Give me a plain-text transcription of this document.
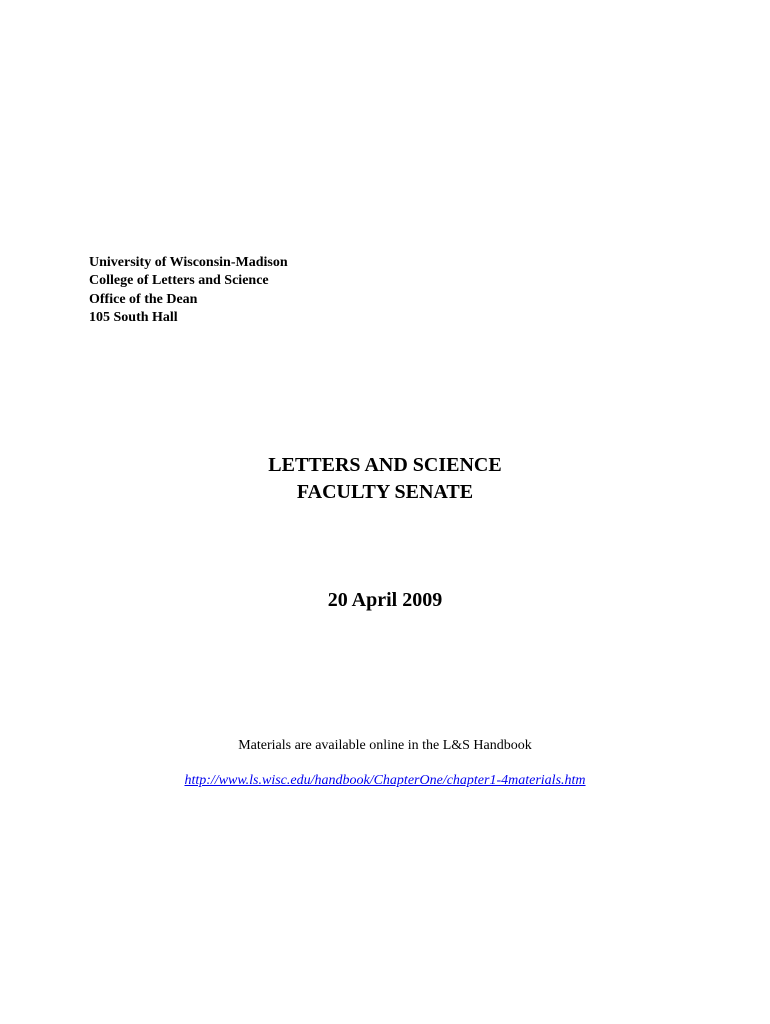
University of Wisconsin-Madison
College of Letters and Science
Office of the Dean
105 South Hall
LETTERS AND SCIENCE
FACULTY SENATE
20 April 2009
Materials are available online in the L&S Handbook
http://www.ls.wisc.edu/handbook/ChapterOne/chapter1-4materials.htm
